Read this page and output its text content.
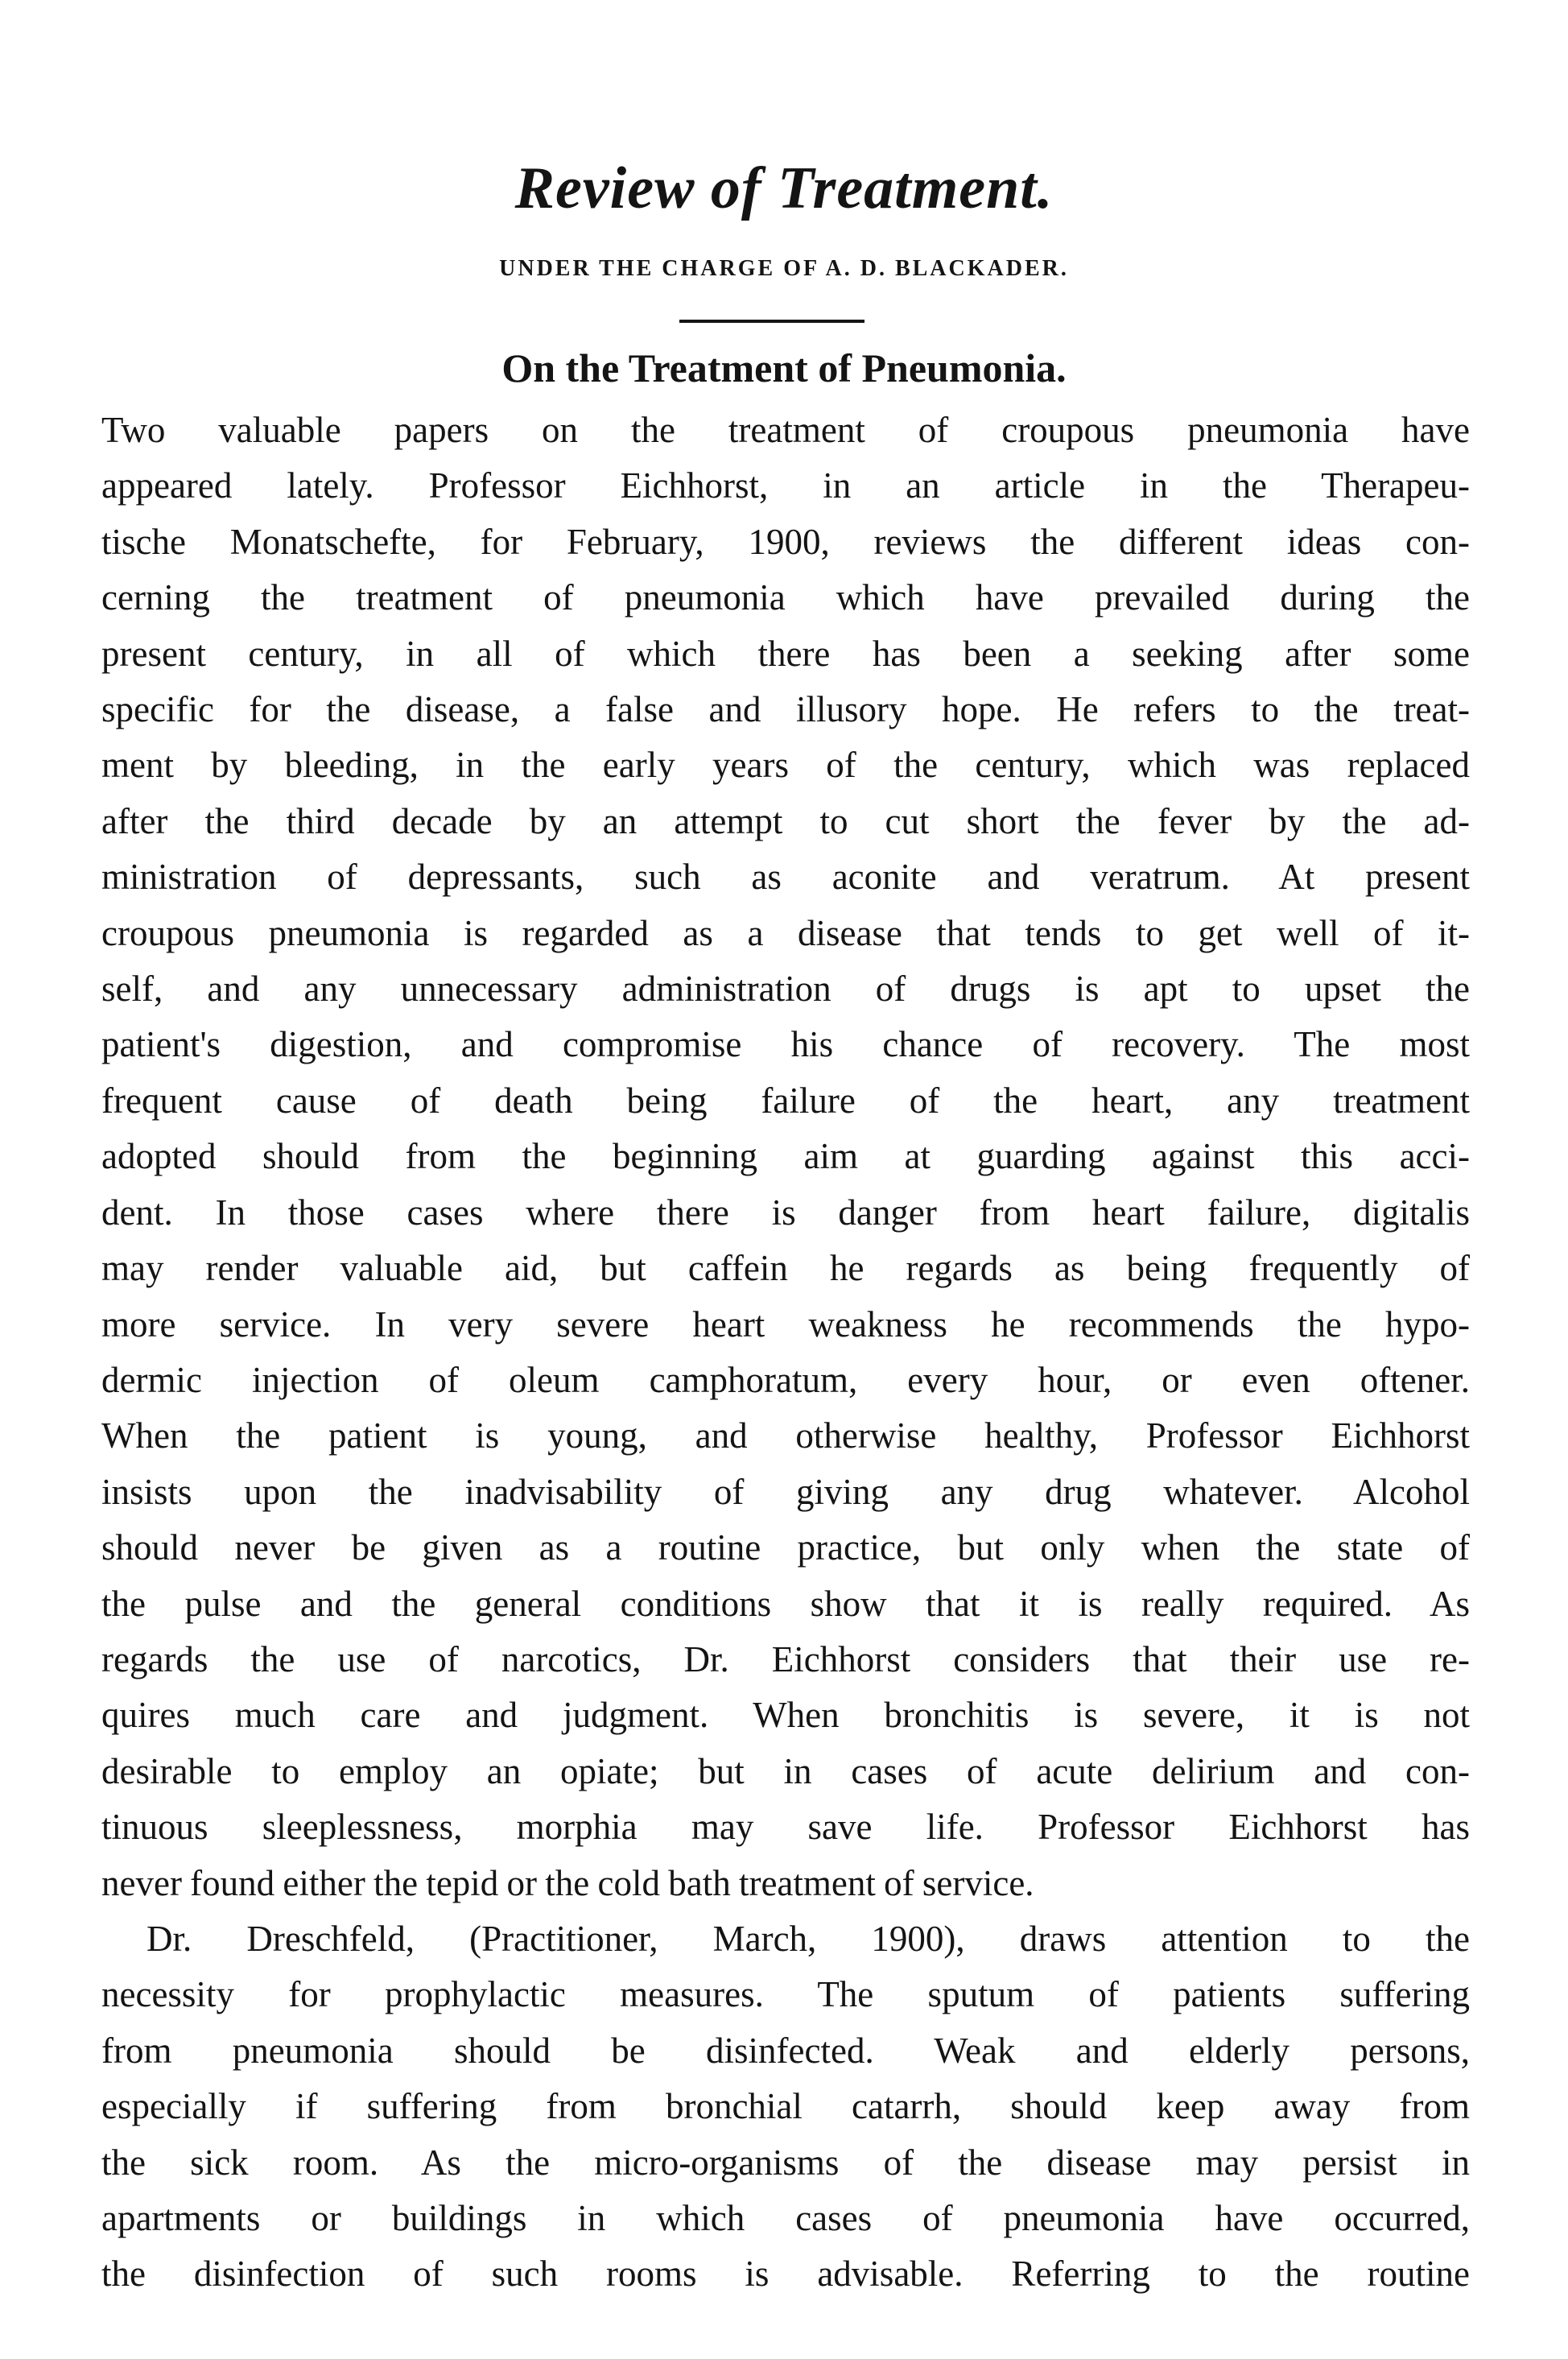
Review of Treatment.
UNDER THE CHARGE OF A. D. BLACKADER.
On the Treatment of Pneumonia.
Two valuable papers on the treatment of croupous pneumonia have
appeared lately. Professor Eichhorst, in an article in the Therapeu-
tische Monatschefte, for February, 1900, reviews the different ideas con-
cerning the treatment of pneumonia which have prevailed during the
present century, in all of which there has been a seeking after some
specific for the disease, a false and illusory hope. He refers to the treat-
ment by bleeding, in the early years of the century, which was replaced
after the third decade by an attempt to cut short the fever by the ad-
ministration of depressants, such as aconite and veratrum. At present
croupous pneumonia is regarded as a disease that tends to get well of it-
self, and any unnecessary administration of drugs is apt to upset the
patient's digestion, and compromise his chance of recovery. The most
frequent cause of death being failure of the heart, any treatment
adopted should from the beginning aim at guarding against this acci-
dent. In those cases where there is danger from heart failure, digitalis
may render valuable aid, but caffein he regards as being frequently of
more service. In very severe heart weakness he recommends the hypo-
dermic injection of oleum camphoratum, every hour, or even oftener.
When the patient is young, and otherwise healthy, Professor Eichhorst
insists upon the inadvisability of giving any drug whatever. Alcohol
should never be given as a routine practice, but only when the state of
the pulse and the general conditions show that it is really required. As
regards the use of narcotics, Dr. Eichhorst considers that their use re-
quires much care and judgment. When bronchitis is severe, it is not
desirable to employ an opiate; but in cases of acute delirium and con-
tinuous sleeplessness, morphia may save life. Professor Eichhorst has
never found either the tepid or the cold bath treatment of service.
Dr. Dreschfeld, (Practitioner, March, 1900), draws attention to the
necessity for prophylactic measures. The sputum of patients suffering
from pneumonia should be disinfected. Weak and elderly persons,
especially if suffering from bronchial catarrh, should keep away from
the sick room. As the micro-organisms of the disease may persist in
apartments or buildings in which cases of pneumonia have occurred,
the disinfection of such rooms is advisable. Referring to the routine
